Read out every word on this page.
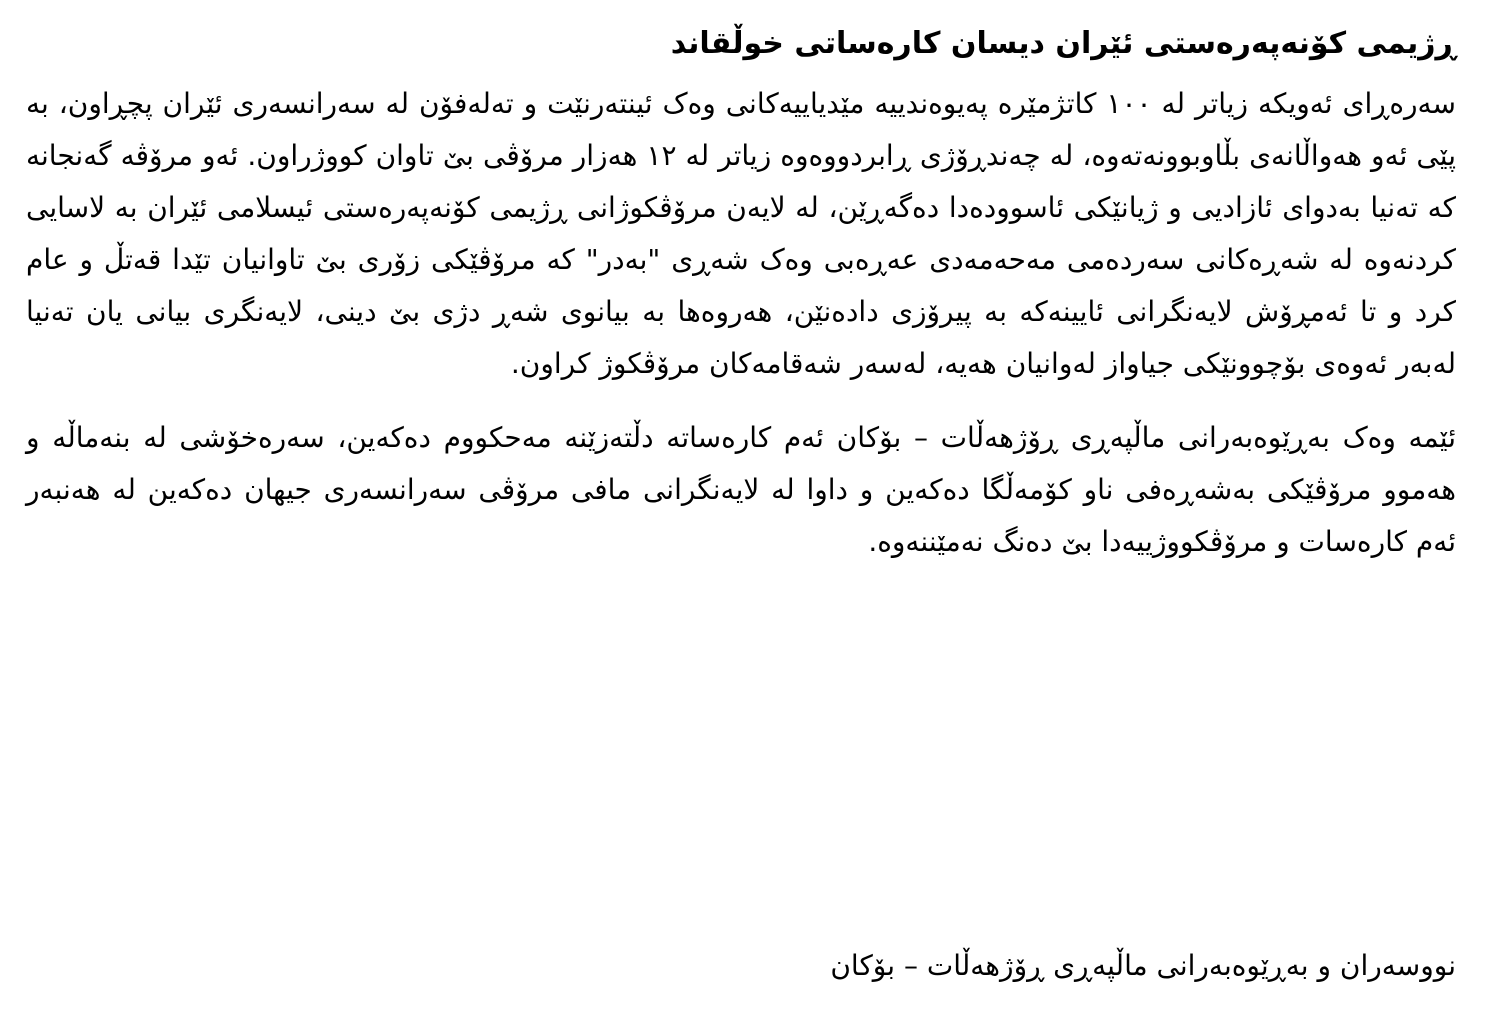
ڕژیمی کۆنەپەرەستی ئێران دیسان کارەساتی خوڵقاند

سەرەڕای ئەویکە زیاتر لە ١٠٠ کاتژمێرە پەیوەندییە مێدیاییەکانی وەک ئینتەرنێت و تەلەفۆن لە سەرانسەری ئێران پچڕاون، بە پێی ئەو هەواڵانەی بڵاوبوونەتەوە، لە چەندڕۆژی ڕابردووەوە زیاتر لە ١٢ هەزار مرۆڤی بێ تاوان کووژراون. ئەو مرۆڤە گەنجانە کە تەنیا بەدوای ئازادیی و ژیانێکی ئاسوودەدا دەگەڕێن، لە لایەن مرۆڤکوژانی ڕژیمی کۆنەپەرەستی ئیسلامی ئێران بە لاسایی کردنەوە لە شەڕەکانی سەردەمی مەحەمەدی عەڕەبی وەک شەڕی "بەدر" کە مرۆڤێکی زۆری بێ تاوانیان تێدا قەتڵ و عام کرد و تا ئەمڕۆش لایەنگرانی ئایینەکە بە پیرۆزی دادەنێن، هەروەها بە بیانوی شەڕ دژی بێ دینی، لایەنگری بیانی یان تەنیا لەبەر ئەوەی بۆچوونێکی جیاواز لەوانیان هەیە، لەسەر شەقامەکان مرۆڤکوژ کراون.

ئێمە وەک بەڕێوەبەرانی ماڵپەڕی ڕۆژهەڵات – بۆکان ئەم کارەساتە دڵتەزێنە مەحکووم دەکەین، سەرەخۆشی لە بنەماڵە و هەموو مرۆڤێکی بەشەڕەفی ناو کۆمەڵگا دەکەین و داوا لە لایەنگرانی مافی مرۆڤی سەرانسەری جیهان دەکەین لە هەنبەر ئەم کارەسات و مرۆڤکووژییەدا بێ دەنگ نەمێننەوە.

نووسەران و بەڕێوەبەرانی ماڵپەڕی ڕۆژهەڵات – بۆکان
